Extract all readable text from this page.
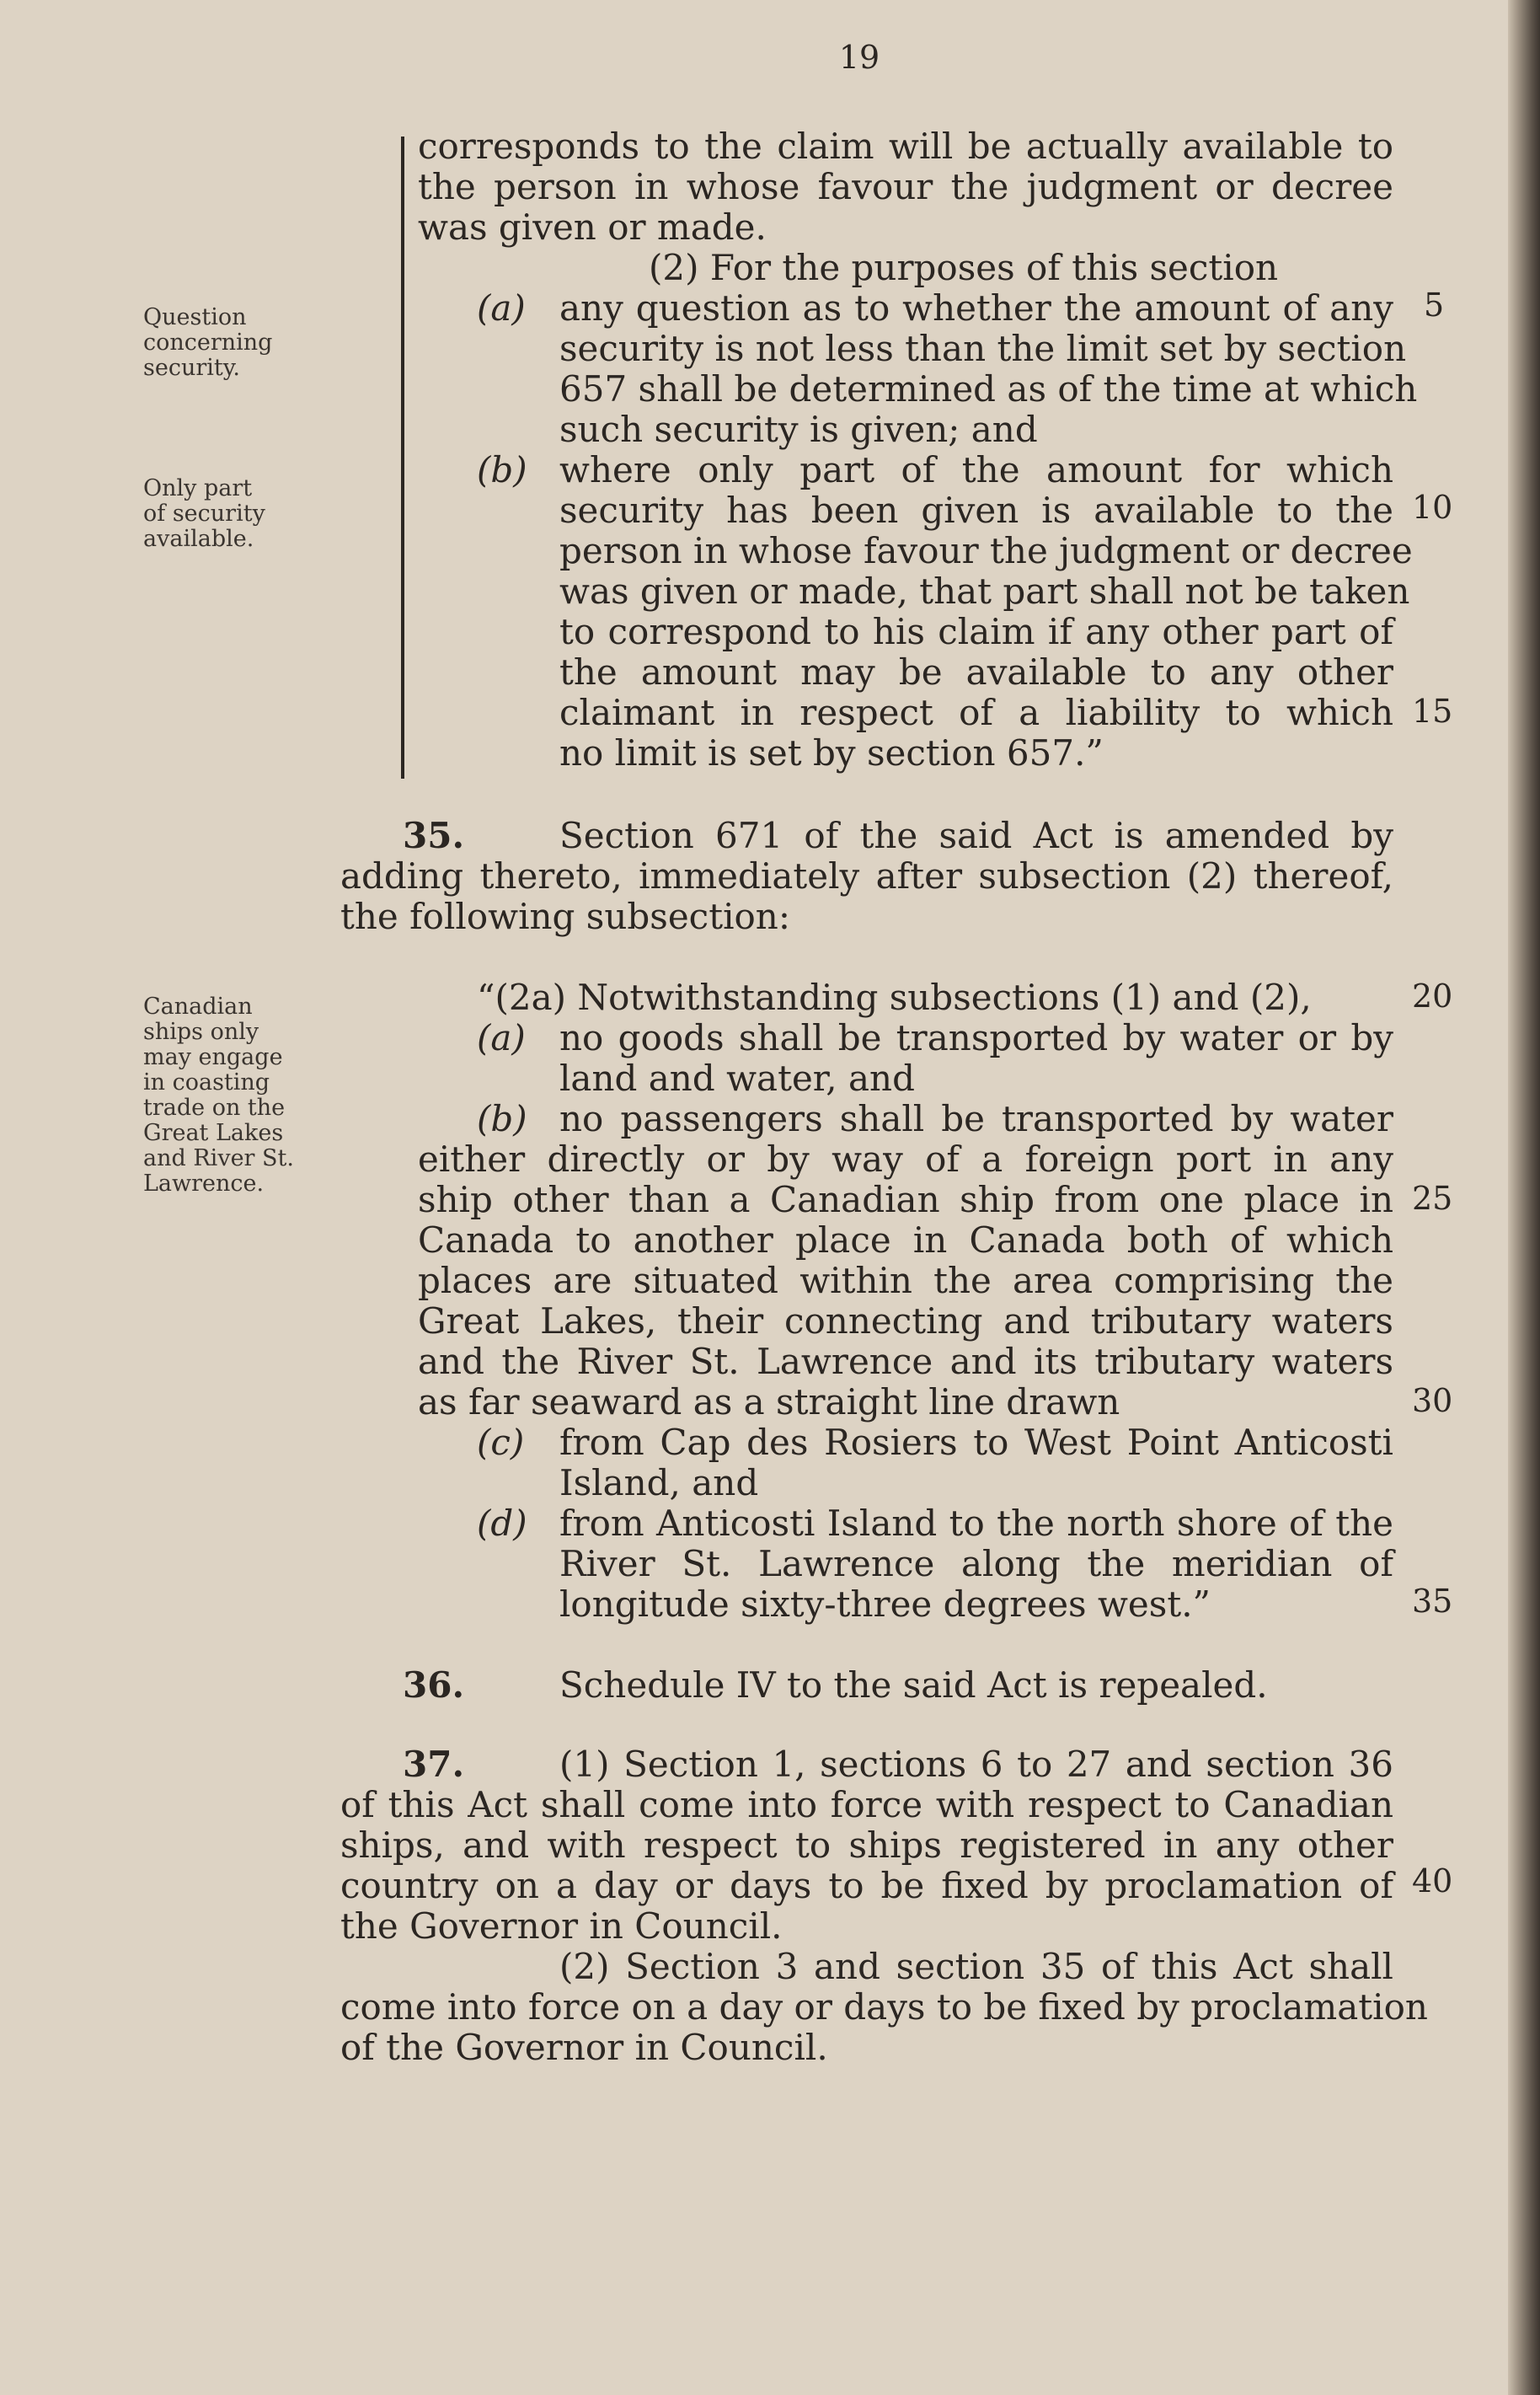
19
Question
concerning
security.
Only part
of security
available.
Canadian
ships only
may engage
in coasting
trade on the
Great Lakes
and River St.
Lawrence.
5
10
15
20
25
30
35
40
corresponds to the claim will be actually available to
the person in whose favour the judgment or decree
was given or made.
(2) For the purposes of this section
(a) any question as to whether the amount of any
security is not less than the limit set by section
657 shall be determined as of the time at which
such security is given; and
(b) where only part of the amount for which
security has been given is available to the
person in whose favour the judgment or decree
was given or made, that part shall not be taken
to correspond to his claim if any other part of
the amount may be available to any other
claimant in respect of a liability to which
no limit is set by section 657.”
35.	Section 671 of the said Act is amended by
adding thereto, immediately after subsection (2) thereof,
the following subsection:
“(2a) Notwithstanding subsections (1) and (2),
(a) no goods shall be transported by water or by
land and water, and
(b) no passengers shall be transported by water
either directly or by way of a foreign port in any
ship other than a Canadian ship from one place in
Canada to another place in Canada both of which
places are situated within the area comprising the
Great Lakes, their connecting and tributary waters
and the River St. Lawrence and its tributary waters
as far seaward as a straight line drawn
(c) from Cap des Rosiers to West Point Anticosti
Island, and
(d) from Anticosti Island to the north shore of the
River St. Lawrence along the meridian of
longitude sixty-three degrees west.”
36.	Schedule IV to the said Act is repealed.
37.	(1) Section 1, sections 6 to 27 and section 36
of this Act shall come into force with respect to Canadian
ships, and with respect to ships registered in any other
country on a day or days to be fixed by proclamation of
the Governor in Council.
(2) Section 3 and section 35 of this Act shall
come into force on a day or days to be fixed by proclamation
of the Governor in Council.
